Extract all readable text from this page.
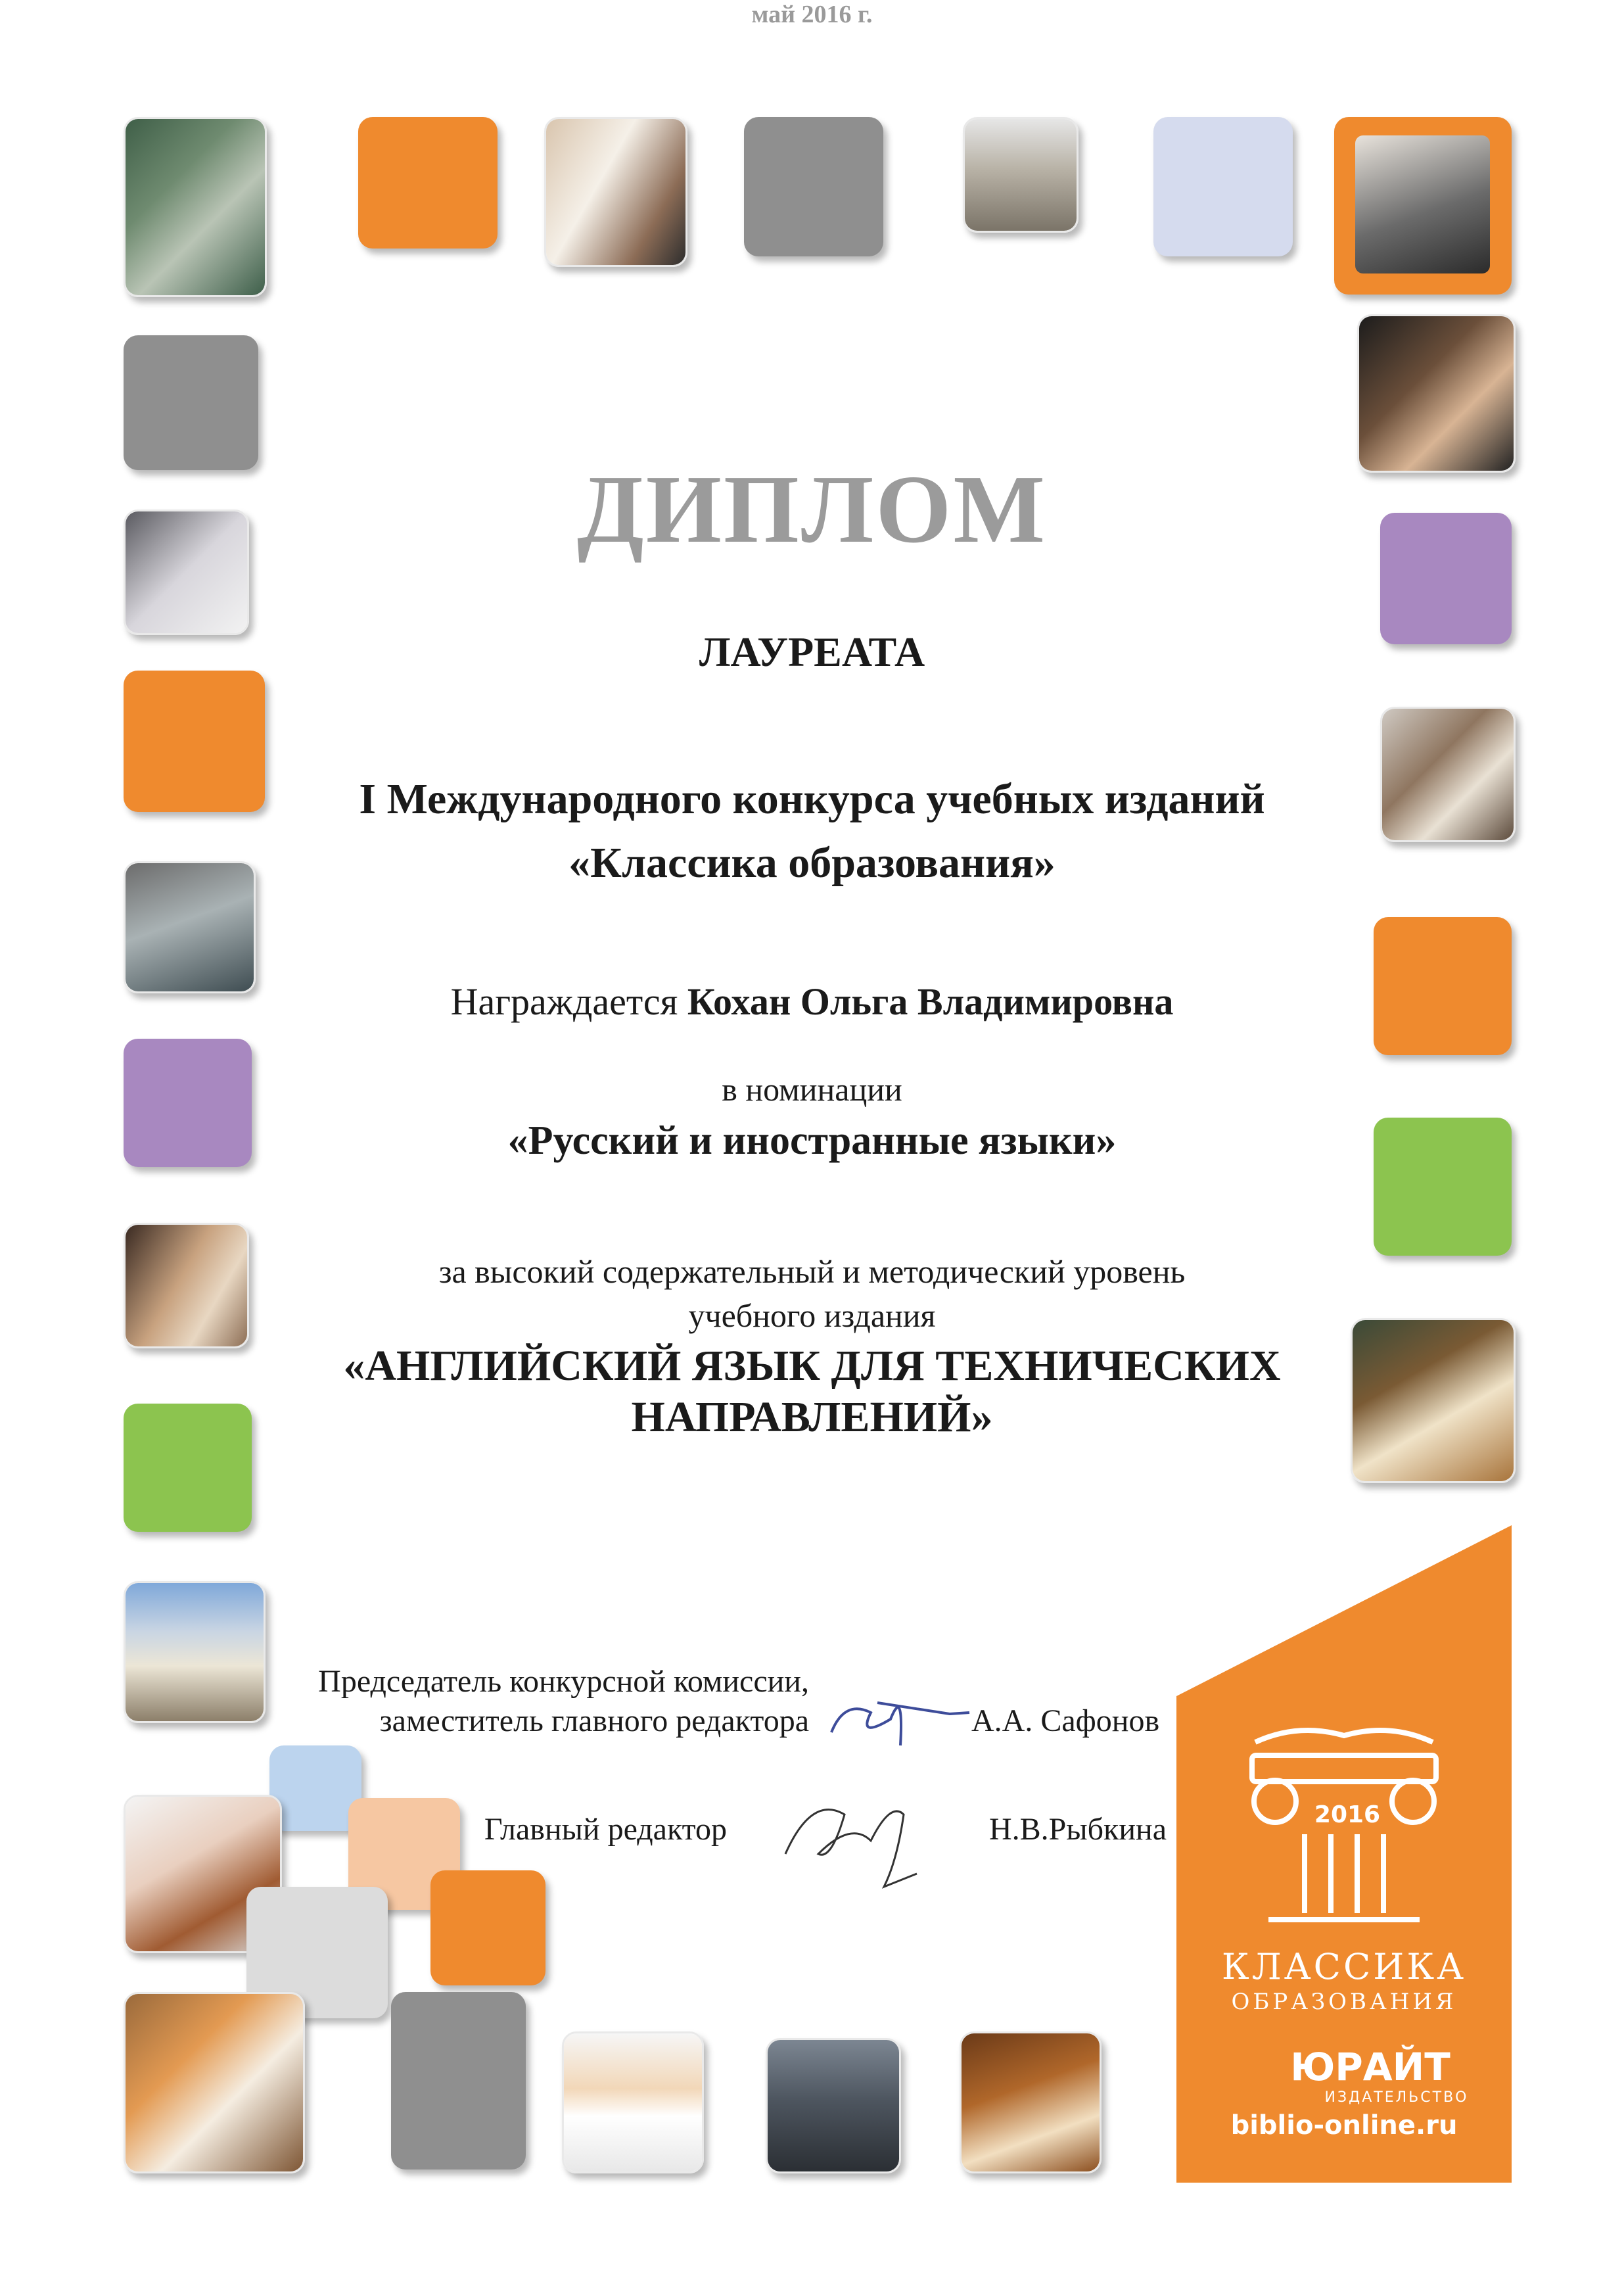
2016
КЛАССИКА
ОБРАЗОВАНИЯ
ЮРАЙТ
ИЗДАТЕЛЬСТВО
biblio-online.ru
ДИПЛОМ
ЛАУРЕАТА
I Международного конкурса учебных изданий
«Классика образования»
Награждается Кохан Ольга Владимировна
в номинации
«Русский и иностранные языки»
за высокий содержательный и методический уровень
учебного издания
«АНГЛИЙСКИЙ ЯЗЫК ДЛЯ ТЕХНИЧЕСКИХ
НАПРАВЛЕНИЙ»
Председатель конкурсной комиссии,
заместитель главного редактора	А.А. Сафонов
Главный редактор	Н.В.Рыбкина
май 2016 г.
